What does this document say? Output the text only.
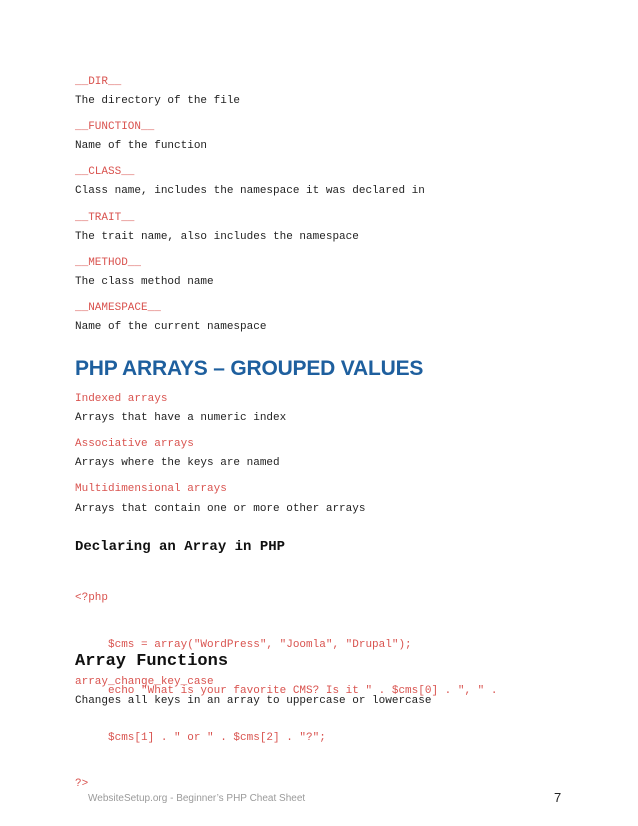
__DIR__
The directory of the file
__FUNCTION__
Name of the function
__CLASS__
Class name, includes the namespace it was declared in
__TRAIT__
The trait name, also includes the namespace
__METHOD__
The class method name
__NAMESPACE__
Name of the current namespace
PHP ARRAYS – GROUPED VALUES
Indexed arrays
Arrays that have a numeric index
Associative arrays
Arrays where the keys are named
Multidimensional arrays
Arrays that contain one or more other arrays
Declaring an Array in PHP

<?php

$cms = array("WordPress", "Joomla", "Drupal");

echo "What is your favorite CMS? Is it " . $cms[0] . ", " .

$cms[1] . " or " . $cms[2] . "?";

?>

Array Functions
array_change_key_case
Changes all keys in an array to uppercase or lowercase
WebsiteSetup.org - Beginner’s PHP Cheat Sheet	7
